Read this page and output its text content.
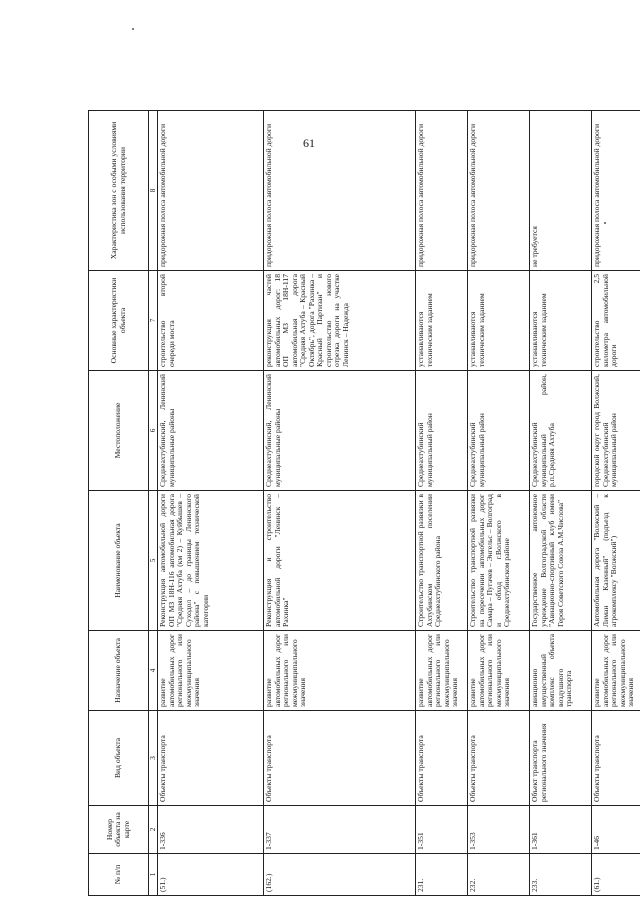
61
№ п/п	Номер объекта на карте	Вид объекта	Назначение объекта	Наименование объекта	Местоположение	Основные характеристики объекта	Характеристика зон с особыми условиями использования территории
1	2	3	4	5	6	7	8
(51.)	1-336	Объекты транспорта	развитие автомобильных дорог регионального или межмуниципального значения	Реконструкция автомобильной дороги ОП МЗ 18Н-116 автомобильная дорога "Средняя Ахтуба (км 2) – Куйбышев – Суходол – до границы Ленинского района" с повышением технической категории	Среднеахтубинский, Ленинский муниципальные районы	строительство второй очереди моста	придорожная полоса автомобильной дороги
(162.)	1-337	Объекты транспорта	развитие автомобильных дорог регионального или межмуниципального значения	Реконструкция и строительство автомобильной дороги "Ленинск – Рахинка"	Среднеахтубинский, Ленинский муниципальные районы	реконструкция частей автомобильных дорог: 18 ОП МЗ 18Н-117 автомобильная дорога "Средняя Ахтуба – Красный Октябрь", дорога "Рахинка – Красный Партизан" и строительство нового отрезка дороги на участке Ленинск – Надежда	придорожная полоса автомобильной дороги
231.	1-351	Объекты транспорта	развитие автомобильных дорог регионального или межмуниципального значения	Строительство транспортной развязки в Ахтубинском поселении Среднеахтубинского района	Среднеахтубинский муниципальный район	устанавливаются техническим заданием	придорожная полоса автомобильной дороги
232.	1-353	Объекты транспорта	развитие автомобильных дорог регионального или межмуниципального значения	Строительство транспортной развязки на пересечении автомобильных дорог Самара – Пугачев – Энгельс – Волгоград и обход г.Волжского в Среднеахтубинском районе	Среднеахтубинский муниципальный район	устанавливаются техническим заданием	придорожная полоса автомобильной дороги
233.	1-361	Объект транспорта регионального значения	авиационно имущественный комплекс объекта воздушного транспорта	Государственное автономное учреждение Волгоградской области "Авиационно-спортивный клуб имени Героя Советского Союза А.М.Числова"	Среднеахтубинский муниципальный район, р.п.Средняя Ахтуба	устанавливаются техническим заданием	не требуется
(61.)	1-46	Объекты транспорта	развитие автомобильных дорог регионального или межмуниципального значения	Автомобильная дорога "Волжский – Лиман Казенный" (подъезд к агрокомплексу "Волжский")	городской округ город Волжский, Среднеахтубинский муниципальный район	строительство 2,5 километра автомобильной дороги	придорожная полоса автомобильной дороги
